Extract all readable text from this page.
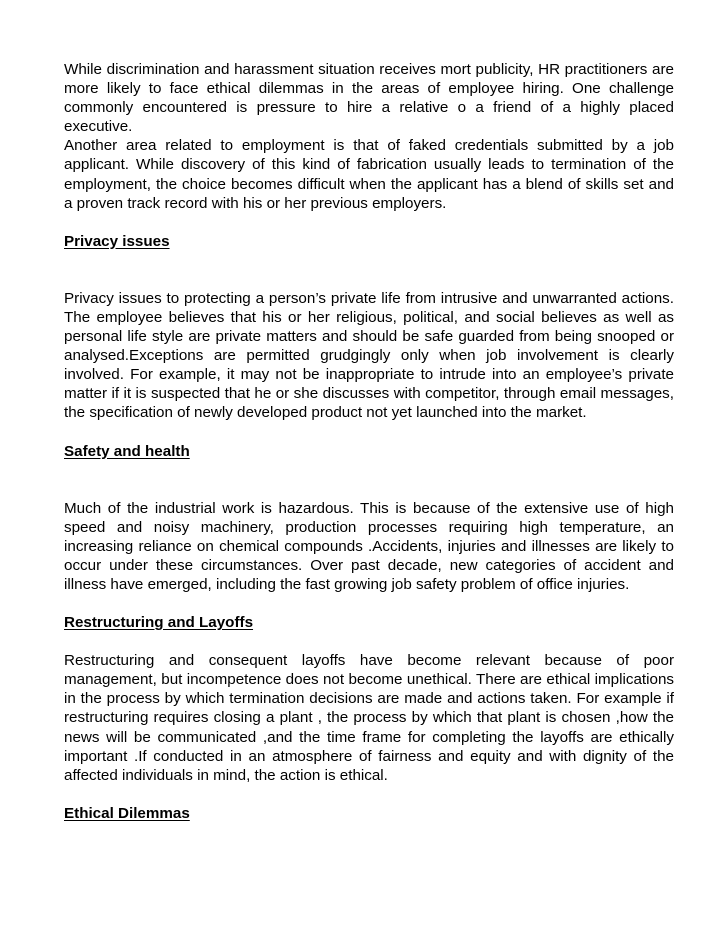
While discrimination and harassment situation receives mort publicity, HR practitioners are more likely to face ethical dilemmas in the areas of employee hiring. One challenge commonly encountered is pressure to hire a relative o a friend of a highly placed executive.

Another area related to employment is that of faked credentials submitted by a job applicant. While discovery of this kind of fabrication usually leads to termination of the employment, the choice becomes difficult when the applicant has a blend of skills set and a proven track record with his or her previous employers.

Privacy issues

Privacy issues to protecting a person’s private life from intrusive and unwarranted actions. The employee believes that his or her religious, political, and social believes as well as personal life style are private matters and should be safe guarded from being snooped or analysed.Exceptions are permitted grudgingly only when job involvement is clearly involved. For example, it may not be inappropriate to intrude into an employee’s private matter if it is suspected that he or she discusses with competitor, through email messages, the specification of newly developed product not yet launched into the market.

Safety and health

Much of the industrial work is hazardous. This is because of the extensive use of high speed and noisy machinery, production processes requiring high temperature, an increasing reliance on chemical compounds .Accidents, injuries and illnesses are likely to occur under these circumstances. Over past decade, new categories of accident and illness have emerged, including the fast growing job safety problem of office injuries.

Restructuring and Layoffs

Restructuring and consequent layoffs have become relevant because of poor management, but incompetence does not become unethical. There are ethical implications in the process by which termination decisions are made and actions taken. For example if restructuring requires closing a plant , the process by which that plant is chosen ,how the news will be communicated ,and the time frame for completing the layoffs are ethically important .If conducted in an atmosphere of fairness and equity and with dignity of the affected individuals in mind, the action is ethical.

Ethical Dilemmas
